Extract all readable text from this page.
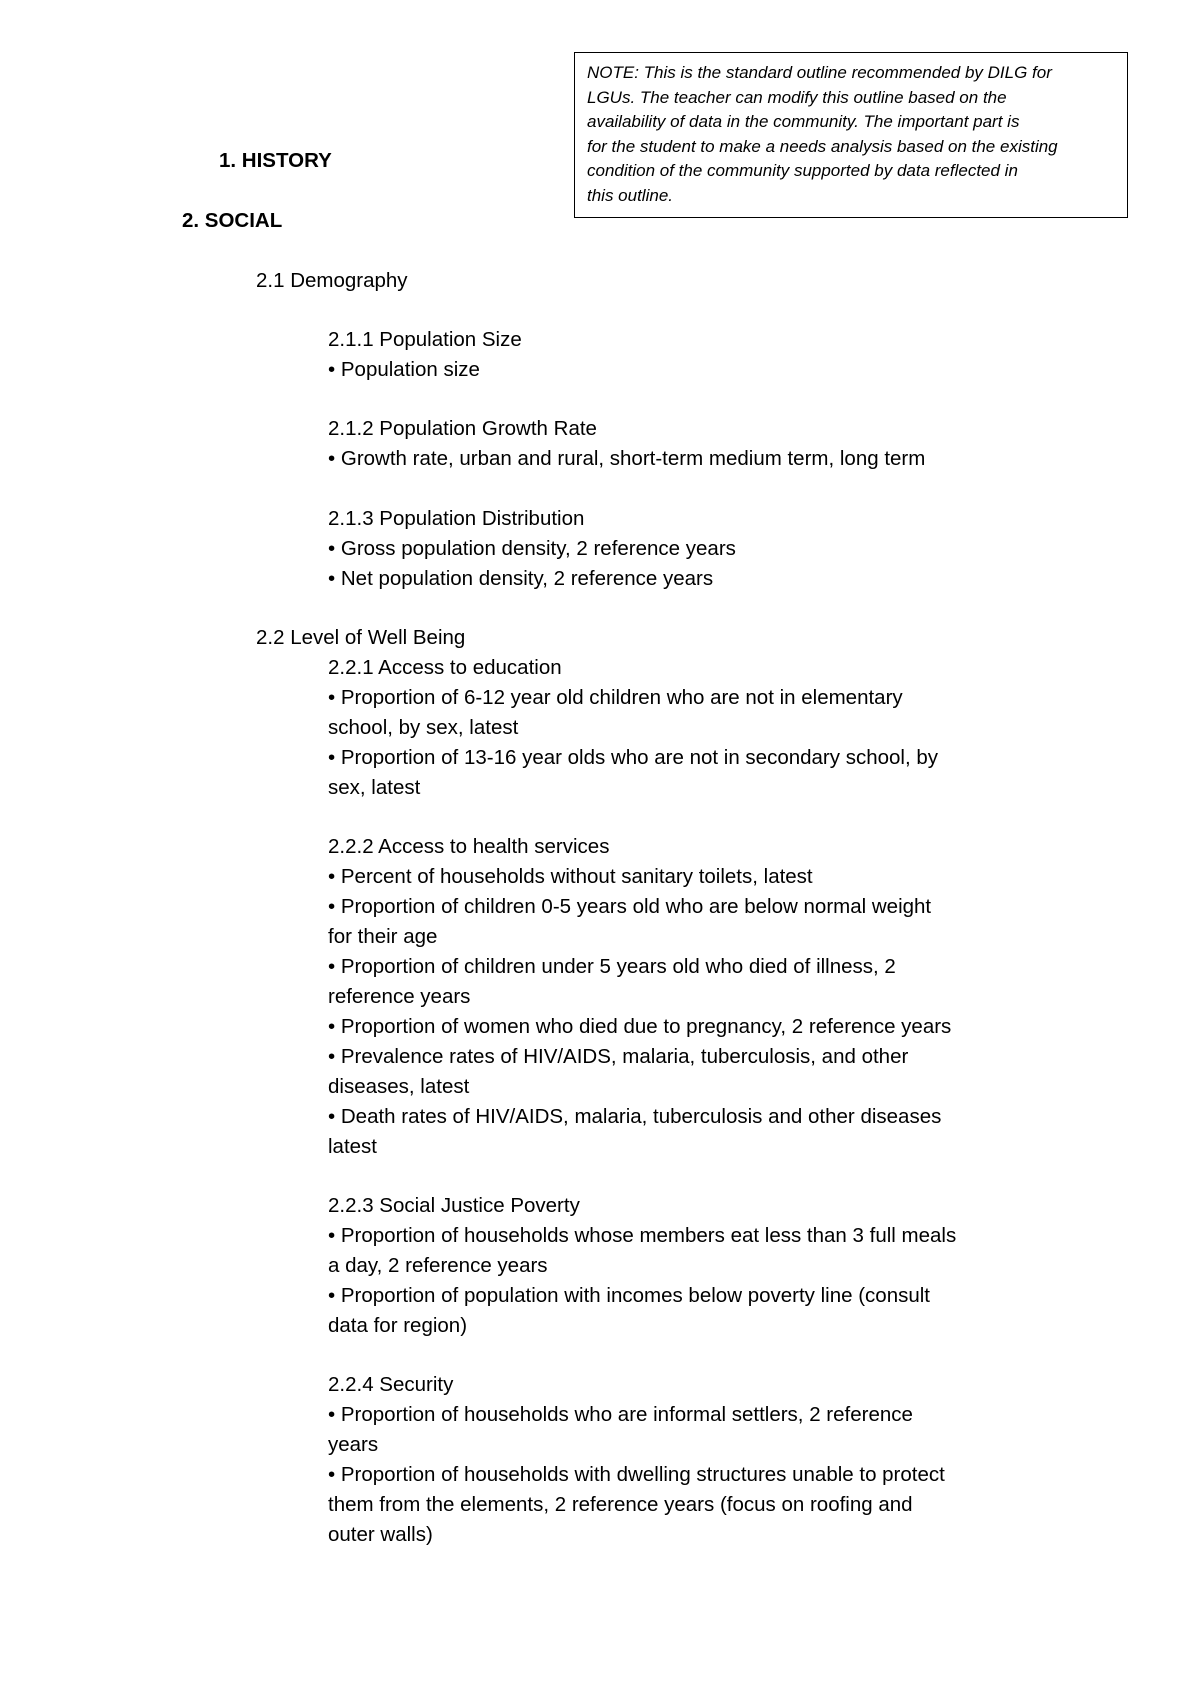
NOTE: This is the standard outline recommended by DILG for
LGUs. The teacher can modify this outline based on the
availability of data in the community. The important part is
for the student to make a needs analysis based on the existing
condition of the community supported by data reflected in
this outline.
1. HISTORY
2. SOCIAL
2.1 Demography
2.1.1 Population Size
• Population size
2.1.2 Population Growth Rate
• Growth rate, urban and rural, short-term medium term, long term
2.1.3 Population Distribution
• Gross population density, 2 reference years
• Net population density, 2 reference years
2.2 Level of Well Being
2.2.1 Access to education
• Proportion of 6-12 year old children who are not in elementary
school, by sex, latest
• Proportion of 13-16 year olds who are not in secondary school, by
sex, latest
2.2.2 Access to health services
• Percent of households without sanitary toilets, latest
• Proportion of children 0-5 years old who are below normal weight
for their age
• Proportion of children under 5 years old who died of illness, 2
reference years
• Proportion of women who died due to pregnancy, 2 reference years
• Prevalence rates of HIV/AIDS, malaria, tuberculosis, and other
diseases, latest
• Death rates of HIV/AIDS, malaria, tuberculosis and other diseases
latest
2.2.3 Social Justice Poverty
• Proportion of households whose members eat less than 3 full meals
a day, 2 reference years
• Proportion of population with incomes below poverty line (consult
data for region)
2.2.4 Security
• Proportion of households who are informal settlers, 2 reference
years
• Proportion of households with dwelling structures unable to protect
them from the elements, 2 reference years (focus on roofing and
outer walls)
